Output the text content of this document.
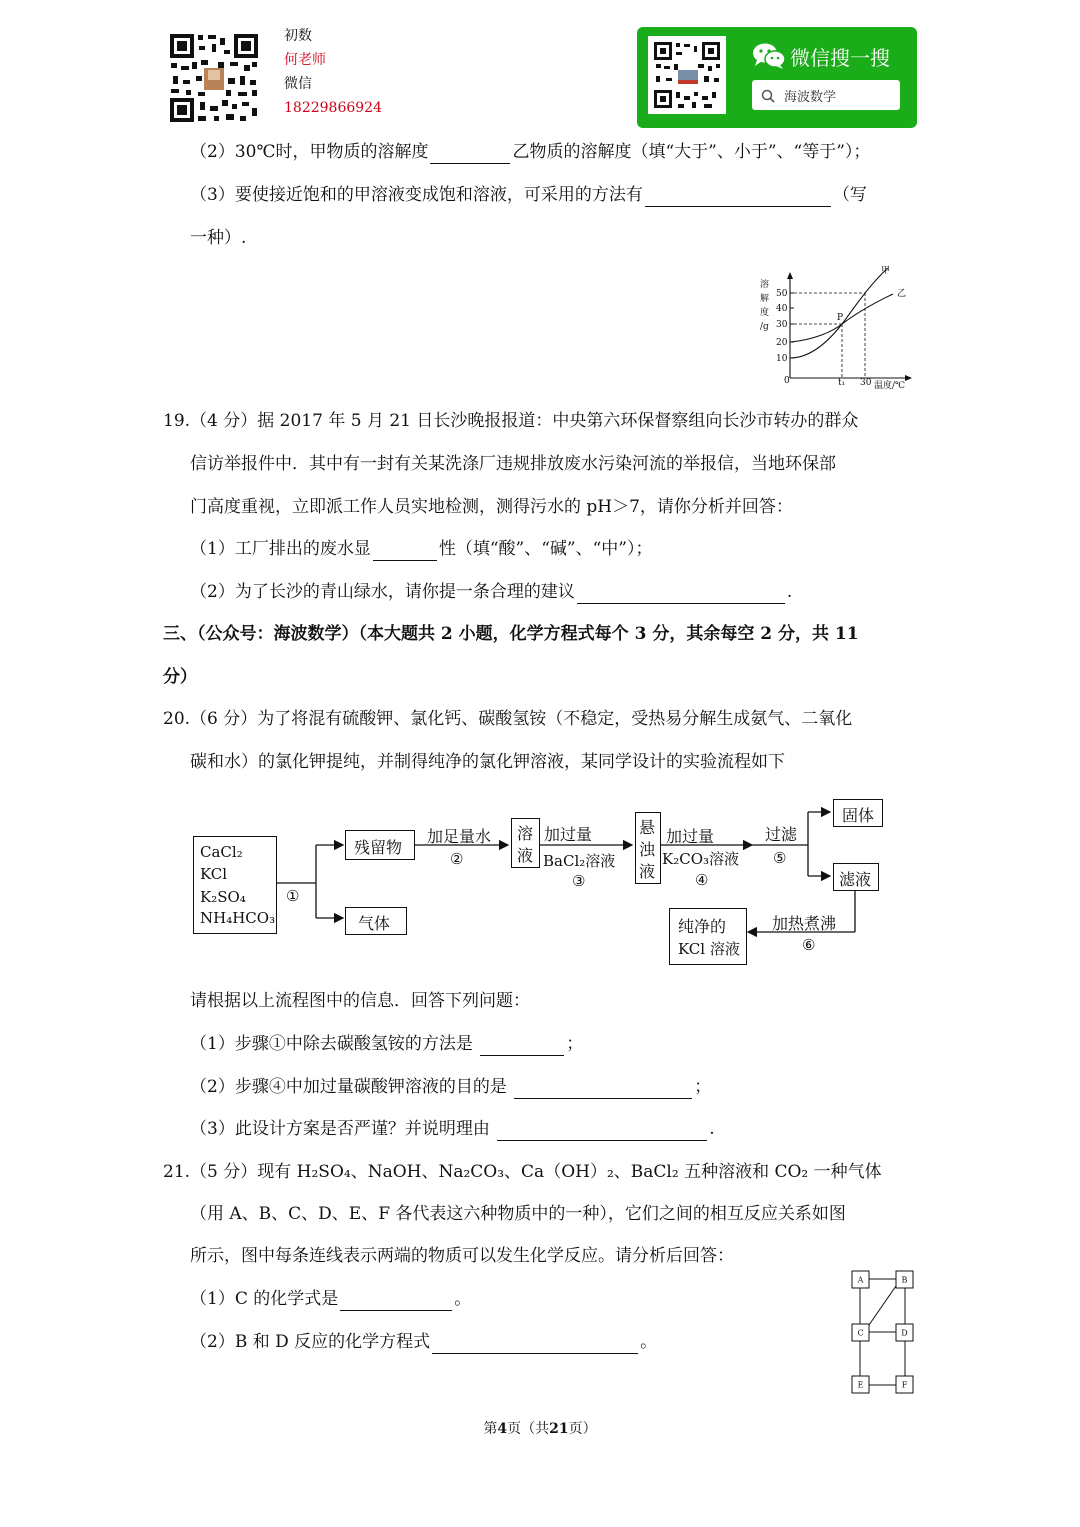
初数
何老师
微信
18229866924
微信搜一搜
海波数学
（2）30℃时，甲物质的溶解度	乙物质的溶解度（填“大于”、小于”、“等于”）；
（3）要使接近饱和的甲溶液变成饱和溶液，可采用的方法有	（写
一种）.
溶
解
度
/g
50
40
30
20
10
0	t₁ 30 温度/℃
P
甲
乙
19.（4 分）据 2017 年 5 月 21 日长沙晚报报道：中央第六环保督察组向长沙市转办的群众
信访举报件中．其中有一封有关某洗涤厂违规排放废水污染河流的举报信，当地环保部
门高度重视，立即派工作人员实地检测，测得污水的 pH＞7，请你分析并回答：
（1）工厂排出的废水显	性（填“酸”、“碱”、“中”）；
（2）为了长沙的青山绿水，请你提一条合理的建议	.
三、（公众号：海波数学）（本大题共 2 小题，化学方程式每个 3 分，其余每空 2 分，共 11
分）
20.（6 分）为了将混有硫酸钾、氯化钙、碳酸氢铵（不稳定，受热易分解生成氨气、二氧化
碳和水）的氯化钾提纯，并制得纯净的氯化钾溶液，某同学设计的实验流程如下
CaCl₂
KCl
K₂SO₄
NH₄HCO₃
①
残留物
气体
加足量水
②
溶
液
加过量
BaCl₂溶液
③
悬
浊
液
加过量
K₂CO₃溶液
④
过滤
⑤
固体
滤液
加热煮沸
⑥
纯净的
KCl 溶液
请根据以上流程图中的信息．回答下列问题：
（1）步骤①中除去碳酸氢铵的方法是	；
（2）步骤④中加过量碳酸钾溶液的目的是	；
（3）此设计方案是否严谨？并说明理由	.
21.（5 分）现有 H₂SO₄、NaOH、Na₂CO₃、Ca（OH）₂、BaCl₂ 五种溶液和 CO₂ 一种气体
（用 A、B、C、D、E、F 各代表这六种物质中的一种），它们之间的相互反应关系如图
所示，图中每条连线表示两端的物质可以发生化学反应。请分析后回答：
（1）C 的化学式是	。
（2）B 和 D 反应的化学方程式	。
A	B
C	D
E	F
第4页（共21页）
